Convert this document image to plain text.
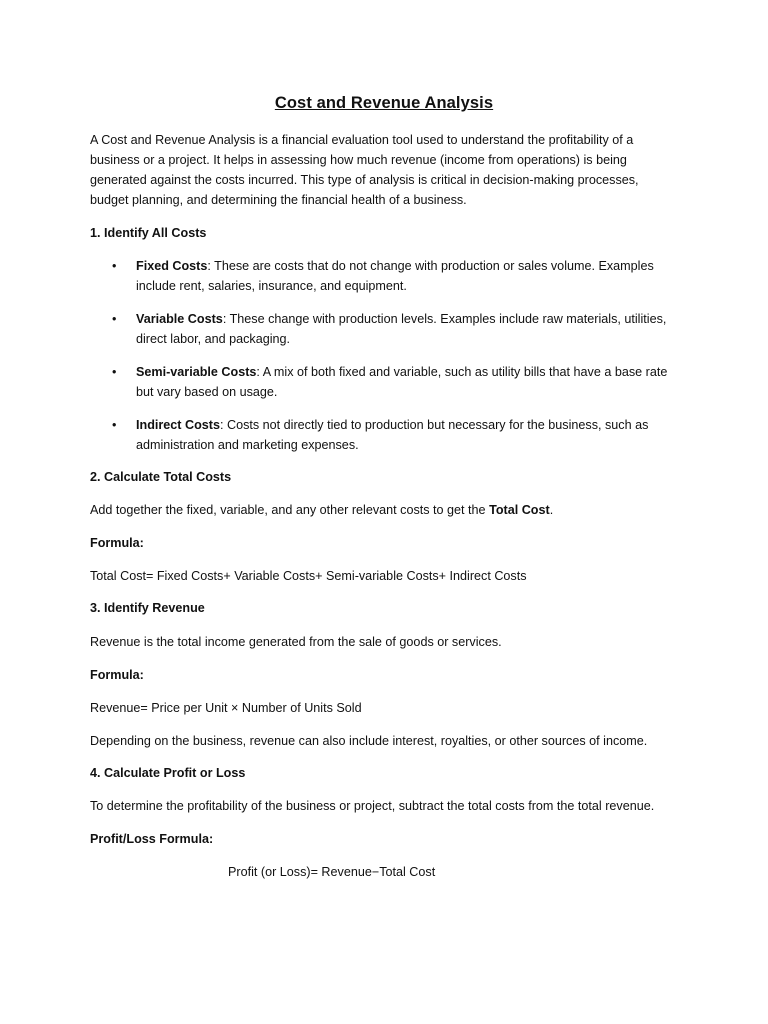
Cost and Revenue Analysis
A Cost and Revenue Analysis is a financial evaluation tool used to understand the profitability of a business or a project. It helps in assessing how much revenue (income from operations) is being generated against the costs incurred. This type of analysis is critical in decision-making processes, budget planning, and determining the financial health of a business.
1. Identify All Costs
• Fixed Costs: These are costs that do not change with production or sales volume. Examples include rent, salaries, insurance, and equipment.
• Variable Costs: These change with production levels. Examples include raw materials, utilities, direct labor, and packaging.
• Semi-variable Costs: A mix of both fixed and variable, such as utility bills that have a base rate but vary based on usage.
• Indirect Costs: Costs not directly tied to production but necessary for the business, such as administration and marketing expenses.
2. Calculate Total Costs
Add together the fixed, variable, and any other relevant costs to get the Total Cost.
Formula:
Total Cost= Fixed Costs+ Variable Costs+ Semi-variable Costs+ Indirect Costs
3. Identify Revenue
Revenue is the total income generated from the sale of goods or services.
Formula:
Revenue= Price per Unit × Number of Units Sold
Depending on the business, revenue can also include interest, royalties, or other sources of income.
4. Calculate Profit or Loss
To determine the profitability of the business or project, subtract the total costs from the total revenue.
Profit/Loss Formula:
Profit (or Loss)= Revenue−Total Cost
